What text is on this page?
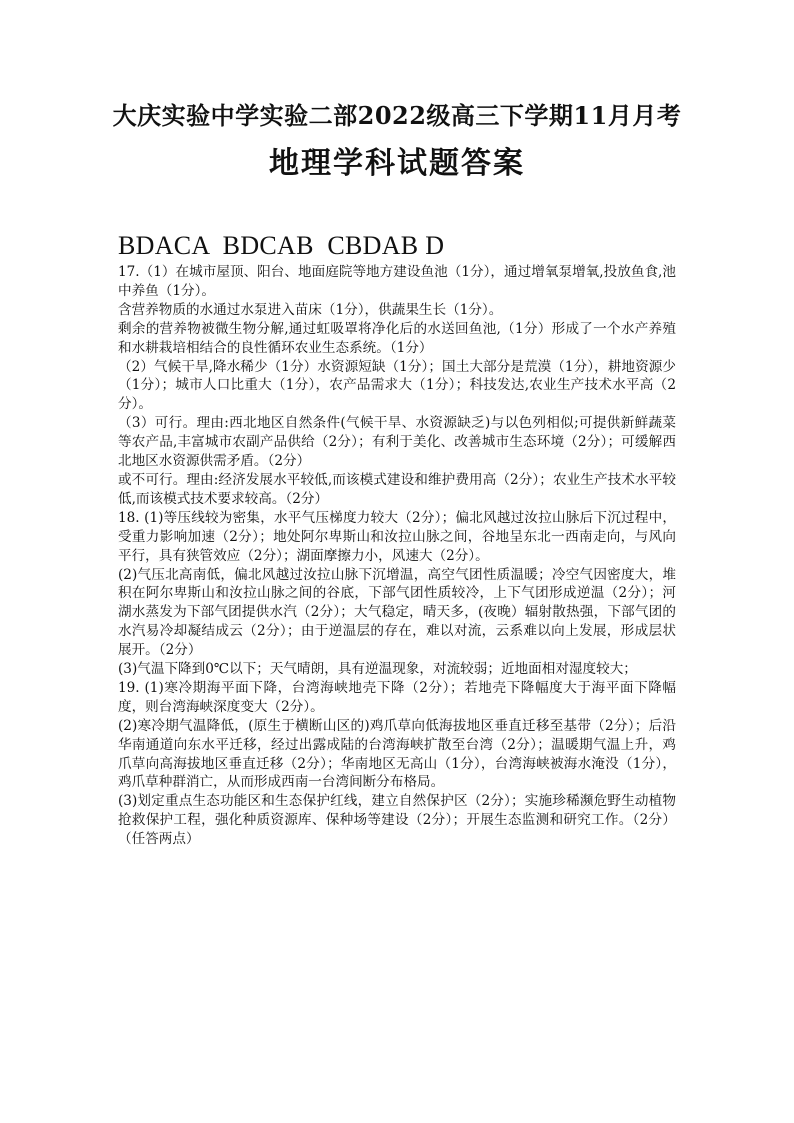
大庆实验中学实验二部2022级高三下学期11月月考
地理学科试题答案
BDACA  BDCAB  CBDAB D

17.（1）在城市屋顶、阳台、地面庭院等地方建设鱼池（1分），通过增氧泵增氧,投放鱼食,池中养鱼（1分）。

含营养物质的水通过水泵进入苗床（1分），供蔬果生长（1分）。

剩余的营养物被微生物分解,通过虹吸罩将净化后的水送回鱼池,（1分）形成了一个水产养殖和水耕栽培相结合的良性循环农业生态系统。（1分）

（2）气候干旱,降水稀少（1分）水资源短缺（1分）；国土大部分是荒漠（1分），耕地资源少（1分）；城市人口比重大（1分），农产品需求大（1分）；科技发达,农业生产技术水平高（2分）。

（3）可行。理由:西北地区自然条件(气候干旱、水资源缺乏)与以色列相似;可提供新鲜蔬菜等农产品,丰富城市农副产品供给（2分）；有利于美化、改善城市生态环境（2分）；可缓解西北地区水资源供需矛盾。（2分）

或不可行。理由:经济发展水平较低,而该模式建设和维护费用高（2分）；农业生产技术水平较低,而该模式技术要求较高。（2分）

18. (1)等压线较为密集，水平气压梯度力较大（2分）；偏北风越过汝拉山脉后下沉过程中，受重力影响加速（2分）；地处阿尔卑斯山和汝拉山脉之间，谷地呈东北一西南走向，与风向平行，具有狭管效应（2分）；湖面摩擦力小，风速大（2分）。

(2)气压北高南低，偏北风越过汝拉山脉下沉增温，高空气团性质温暖；冷空气因密度大，堆积在阿尔卑斯山和汝拉山脉之间的谷底，下部气团性质较冷，上下气团形成逆温（2分）；河湖水蒸发为下部气团提供水汽（2分）；大气稳定，晴天多，(夜晚）辐射散热强，下部气团的水汽易冷却凝结成云（2分）；由于逆温层的存在，难以对流，云系难以向上发展，形成层状展开。（2分）

(3)气温下降到0℃以下；天气晴朗，具有逆温现象，对流较弱；近地面相对湿度较大；

19. (1)寒冷期海平面下降，台湾海峡地壳下降（2分）；若地壳下降幅度大于海平面下降幅度，则台湾海峡深度变大（2分）。

(2)寒冷期气温降低，(原生于横断山区的)鸡爪草向低海拔地区垂直迁移至基带（2分）；后沿华南通道向东水平迁移，经过出露成陆的台湾海峡扩散至台湾（2分）；温暖期气温上升，鸡爪草向高海拔地区垂直迁移（2分）；华南地区无高山（1分），台湾海峡被海水淹没（1分），鸡爪草种群消亡，从而形成西南一台湾间断分布格局。

(3)划定重点生态功能区和生态保护红线，建立自然保护区（2分）；实施珍稀濒危野生动植物抢救保护工程，强化种质资源库、保种场等建设（2分）；开展生态监测和研究工作。（2分）（任答两点）
